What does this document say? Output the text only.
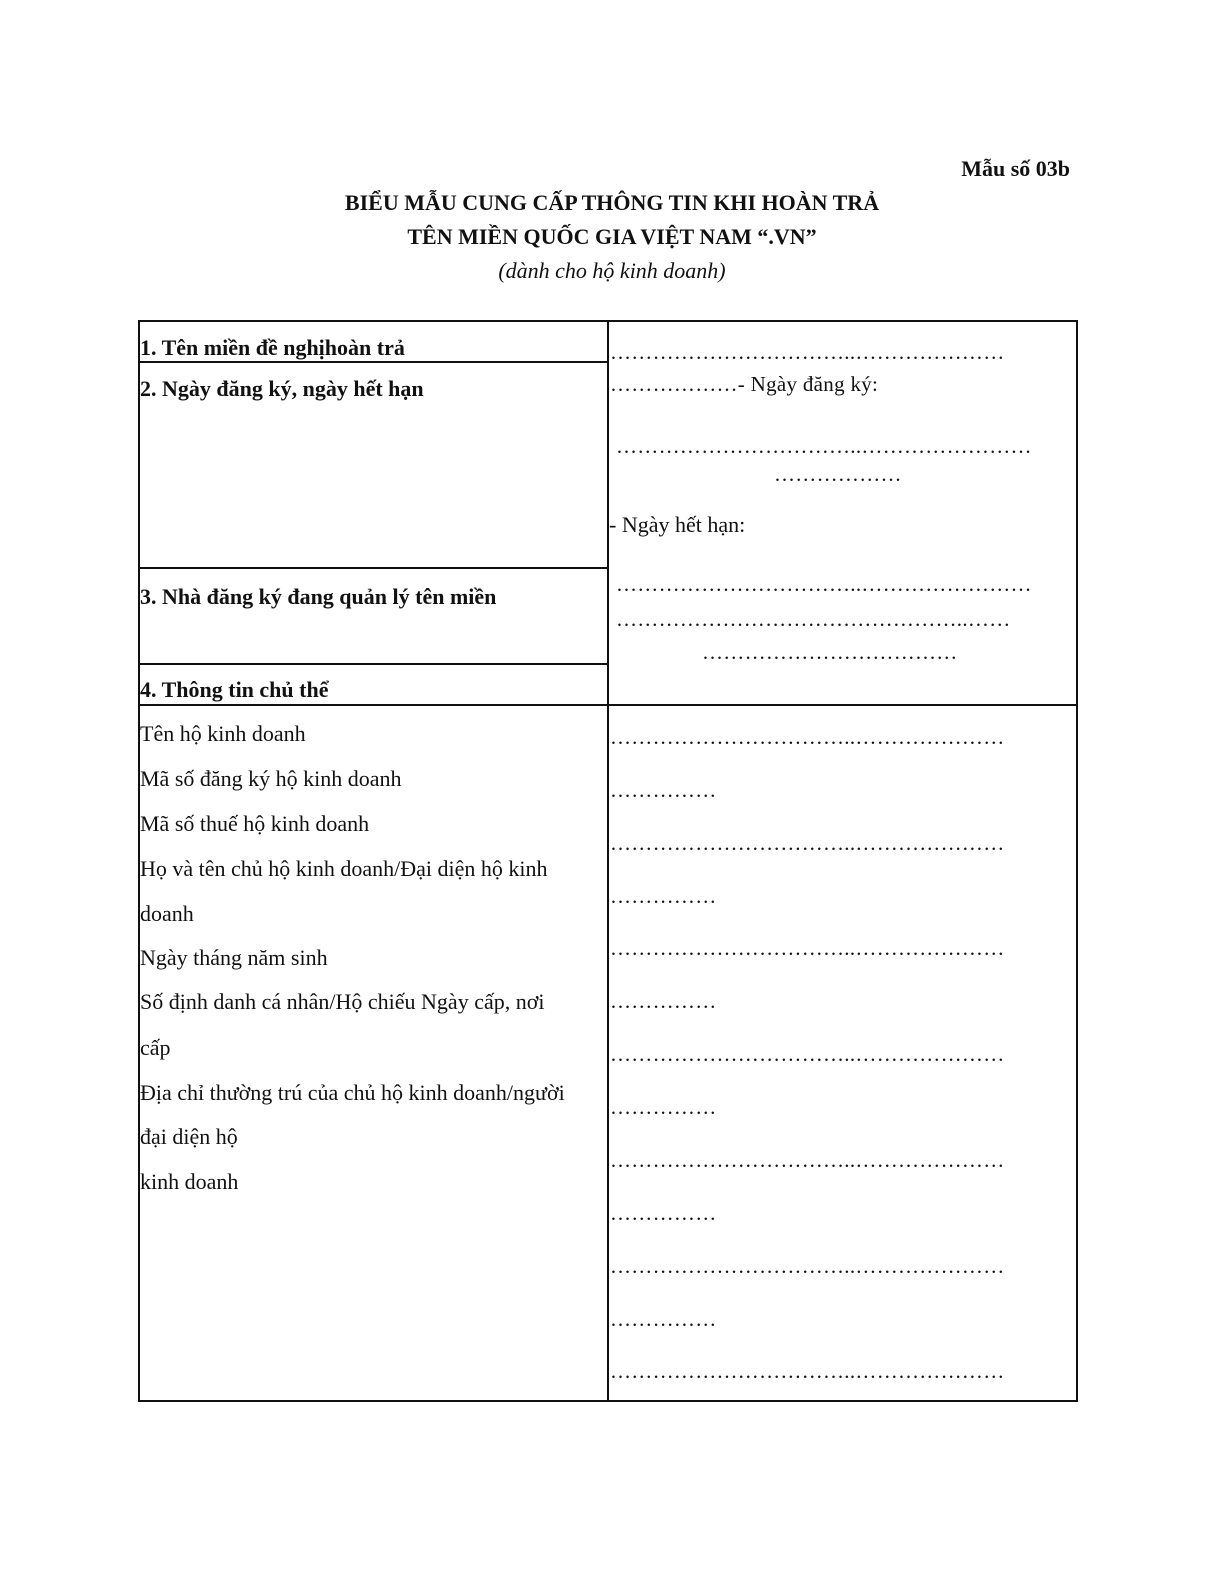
Mẫu số 03b
BIỂU MẪU CUNG CẤP THÔNG TIN KHI HOÀN TRẢ
TÊN MIỀN QUỐC GIA VIỆT NAM “.VN”
(dành cho hộ kinh doanh)
1. Tên miền đề nghịhoàn trả
2. Ngày đăng ký, ngày hết hạn
3. Nhà đăng ký đang quản lý tên miền
4. Thông tin chủ thể
……………………………..…………………
………………- Ngày đăng ký:
……………………………..……………………
………………
- Ngày hết hạn:
……………………………..……………………
…………………………………………..……
………………………………
Tên hộ kinh doanh
Mã số đăng ký hộ kinh doanh
Mã số thuế hộ kinh doanh
Họ và tên chủ hộ kinh doanh/Đại diện hộ kinh
doanh
Ngày tháng năm sinh
Số định danh cá nhân/Hộ chiếu Ngày cấp, nơi
cấp
Địa chỉ thường trú của chủ hộ kinh doanh/người
đại diện hộ
kinh doanh
……………………………..…………………
……………
……………………………..…………………
……………
……………………………..…………………
……………
……………………………..…………………
……………
……………………………..…………………
……………
……………………………..…………………
……………
……………………………..…………………
